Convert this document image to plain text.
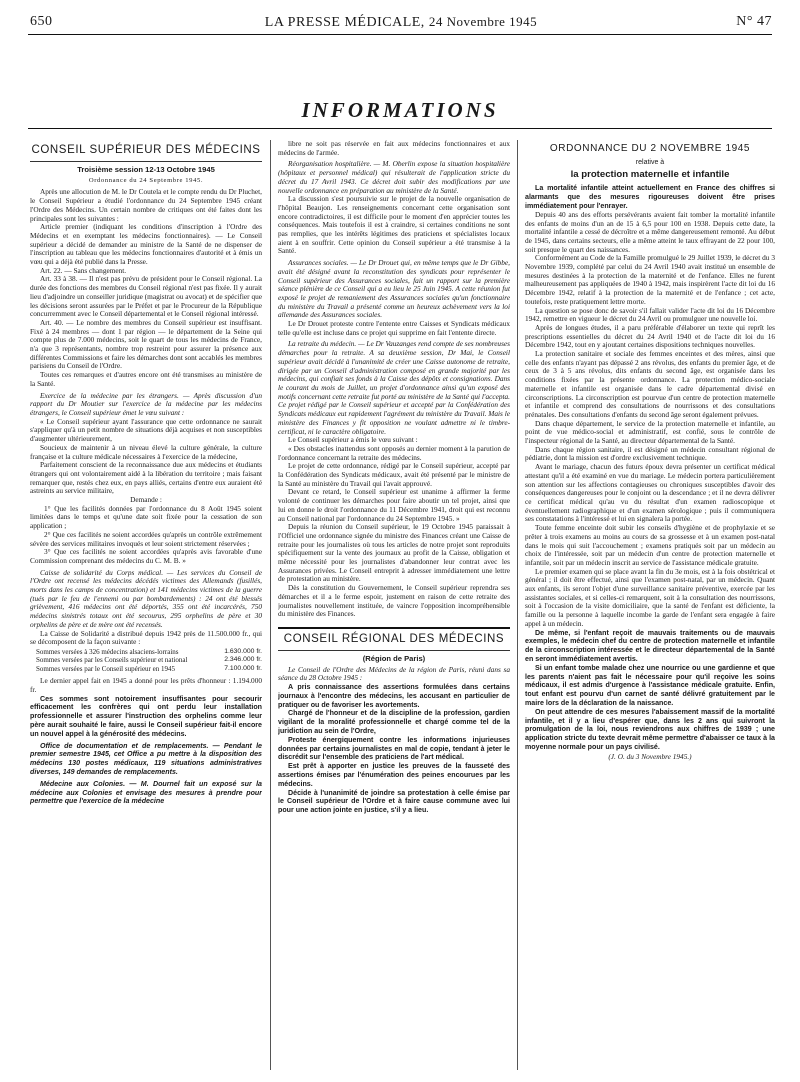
650	LA PRESSE MÉDICALE, 24 Novembre 1945	N° 47
INFORMATIONS
CONSEIL SUPÉRIEUR DES MÉDECINS

Troisième session 12-13 Octobre 1945

Ordonnance du 24 Septembre 1945.

Après une allocution de M. le Dr Coutela et le compte rendu du Dr Pluchet, le Conseil Supérieur a étudié l'ordonnance du 24 Septembre 1945 créant l'Ordre des Médecins. Un certain nombre de critiques ont été faites dont les principales sont les suivantes :

Article premier (indiquant les conditions d'inscription à l'Ordre des Médecins et en exemptant les médecins fonctionnaires). — Le Conseil supérieur a décidé de demander au ministre de la Santé de ne dispenser de l'inscription au tableau que les médecins fonctionnaires d'autorité et à émis un vœu qui a déjà été publié dans la Presse.

Art. 22. — Sans changement.

Art. 33 à 38. — Il n'est pas prévu de président pour le Conseil régional. La durée des fonctions des membres du Conseil régional n'est pas fixée. Il y aurait lieu d'adjoindre un conseiller juridique (magistrat ou avocat) et de spécifier que les décisions seront assurées par le Préfet et par le Procureur de la République concurremment avec le Conseil départemental et le Conseil régional intéressé.

Art. 40. — Le nombre des membres du Conseil supérieur est insuffisant. Fixé à 24 membres — dont 1 par région — le département de la Seine qui compte plus de 7.000 médecins, soit le quart de tous les médecins de France, n'a que 3 représentants, nombre trop restreint pour assurer la présence aux différentes Commissions et faire les démarches dont sont accablés les membres parisiens du Conseil de l'Ordre.

Toutes ces remarques et d'autres encore ont été transmises au ministère de la Santé.

Exercice de la médecine par les étrangers. — Après discussion d'un rapport du Dr Moutier sur l'exercice de la médecine par les médecins étrangers, le Conseil supérieur émet le vœu suivant :

« Le Conseil supérieur ayant l'assurance que cette ordonnance ne saurait s'appliquer qu'à un petit nombre de situations déjà acquises et non susceptibles d'augmenter ultérieurement,

Soucieux de maintenir à un niveau élevé la culture générale, la culture française et la culture médicale nécessaires à l'exercice de la médecine,

Parfaitement conscient de la reconnaissance due aux médecins et étudiants étrangers qui ont volontairement aidé à la libération du territoire ; mais faisant remarquer que, restés chez eux, en pays alliés, certains d'entre eux auraient été astreints au service militaire,

Demande :

1° Que les facilités données par l'ordonnance du 8 Août 1945 soient limitées dans le temps et qu'une date soit fixée pour la cessation de son application ;

2° Que ces facilités ne soient accordées qu'après un contrôle extrêmement sévère des services militaires invoqués et leur soient strictement réservées ;

3° Que ces facilités ne soient accordées qu'après avis favorable d'une Commission comprenant des médecins du C. M. B. »

Caisse de solidarité du Corps médical. — Les services du Conseil de l'Ordre ont recensé les médecins décédés victimes des Allemands (fusillés, morts dans les camps de concentration) et 141 médecins victimes de la guerre (tués par le feu de l'ennemi ou par bombardements) : 24 ont été blessés grièvement, 416 médecins ont été déportés, 355 ont été incarcérés, 750 médecins sinistrés totaux ont été secourus, 295 orphelins de père et 30 orphelins de père et de mère ont été recensés.

La Caisse de Solidarité a distribué depuis 1942 près de 11.500.000 fr., qui se décomposent de la façon suivante :

Sommes versées à 326 médecins alsaciens-lorrains	1.630.000 fr.
Sommes versées par les Conseils supérieur et national	2.346.000 fr.
Sommes versées par le Conseil supérieur en 1945	7.100.000 fr.

Le dernier appel fait en 1945 a donné pour les prêts d'honneur : 1.194.000 fr.

Ces sommes sont notoirement insuffisantes pour secourir efficacement les confrères qui ont perdu leur installation professionnelle et assurer l'instruction des orphelins comme leur père aurait souhaité le faire, aussi le Conseil supérieur fait-il encore un nouvel appel à la générosité des médecins.

Office de documentation et de remplacements. — Pendant le premier semestre 1945, cet Office a pu mettre à la disposition des médecins 130 postes médicaux, 119 situations administratives diverses, 149 demandes de remplacements.

Médecine aux Colonies. — M. Dournel fait un exposé sur la médecine aux Colonies et envisage des mesures à prendre pour permettre que l'exercice de la médecine

libre ne soit pas réservée en fait aux médecins fonctionnaires et aux médecins de l'armée.

Réorganisation hospitalière. — M. Oberlin expose la situation hospitalière (hôpitaux et personnel médical) qui résulterait de l'application stricte du décret du 17 Avril 1943. Ce décret doit subir des modifications par une nouvelle ordonnance en préparation au ministère de la Santé.

La discussion s'est poursuivie sur le projet de la nouvelle organisation de l'hôpital Beaujon. Les renseignements concernant cette organisation sont encore contradictoires, il est difficile pour le moment d'en apprécier toutes les conséquences. Mais toutefois il est à craindre, si certaines conditions ne sont pas remplies, que les intérêts légitimes des praticiens et spécialistes locaux aient à en souffrir. Cette opinion du Conseil supérieur a été transmise à la Santé.

Assurances sociales. — Le Dr Drouet qui, en même temps que le Dr Gibbe, avait été désigné avant la reconstitution des syndicats pour représenter le Conseil supérieur des Assurances sociales, fait un rapport sur la première séance plénière de ce Conseil qui a eu lieu le 25 Juin 1945. A cette réunion fut exposé le projet de remaniement des Assurances sociales qu'un fonctionnaire du ministère du Travail a présenté comme un heureux achèvement vers la loi allemande des Assurances sociales.

Le Dr Drouet proteste contre l'entente entre Caisses et Syndicats médicaux telle qu'elle est incluse dans ce projet qui supprime en fait l'entente directe.

La retraite du médecin. — Le Dr Vauzanges rend compte de ses nombreuses démarches pour la retraite. A sa deuxième session, Dr Mai, le Conseil supérieur avait décidé à l'unanimité de créer une Caisse autonome de retraite, dirigée par un Conseil d'administration composé en grande majorité par les médecins, qui confiait ses fonds à la Caisse des dépôts et consignations. Dans le courant du mois de Juillet, un projet d'ordonnance ainsi qu'un exposé des motifs concernant cette retraite fut porté au ministère de la Santé qui l'accepta. Ce projet rédigé par le Conseil supérieur et accepté par la Confédération des Syndicats médicaux eut rapidement l'agrément du ministère du Travail. Mais le ministère des Finances y fit opposition ne voulant admettre ni le timbre-certificat, ni le caractère obligatoire.

Le Conseil supérieur a émis le vœu suivant :

« Des obstacles inattendus sont opposés au dernier moment à la parution de l'ordonnance concernant la retraite des médecins.

Le projet de cette ordonnance, rédigé par le Conseil supérieur, accepté par la Confédération des Syndicats médicaux, avait été présenté par le ministre de la Santé au ministère du Travail qui l'avait approuvé.

Devant ce retard, le Conseil supérieur est unanime à affirmer la ferme volonté de continuer les démarches pour faire aboutir un tel projet, ainsi que lui en donne le droit l'ordonnance du 11 Décembre 1941, droit qui est reconnu au Conseil national par l'ordonnance du 24 Septembre 1945. »

Depuis la réunion du Conseil supérieur, le 19 Octobre 1945 paraissait à l'Officiel une ordonnance signée du ministre des Finances créant une Caisse de retraite pour les journalistes où tous les articles de notre projet sont reproduits spécifiquement sur la vente des journaux au profit de la Caisse, obligation et même nécessité pour les journalistes d'abandonner leur contrat avec les Assurances privées. Le Conseil entreprit à adresser immédiatement une lettre de protestation au ministère.

Dès la constitution du Gouvernement, le Conseil supérieur reprendra ses démarches et il a le ferme espoir, justement en raison de cette retraite des journalistes nouvellement instituée, de vaincre l'opposition incompréhensible du ministère des Finances.

CONSEIL RÉGIONAL DES MÉDECINS

(Région de Paris)

Le Conseil de l'Ordre des Médecins de la région de Paris, réuni dans sa séance du 28 Octobre 1945 :

A pris connaissance des assertions formulées dans certains journaux à l'encontre des médecins, les accusant en particulier de pratiquer ou de favoriser les avortements.

Chargé de l'honneur et de la discipline de la profession, gardien vigilant de la moralité professionnelle et chargé comme tel de la juridiction au sein de l'Ordre,

Proteste énergiquement contre les informations injurieuses données par certains journalistes en mal de copie, tendant à jeter le discrédit sur l'ensemble des praticiens de l'art médical.

Est prêt à apporter en justice les preuves de la fausseté des assertions émises par l'énumération des peines encourues par les médecins.

Décide à l'unanimité de joindre sa protestation à celle émise par le Conseil supérieur de l'Ordre et à faire cause commune avec lui pour une action jointe en justice, s'il y a lieu.

ORDONNANCE DU 2 NOVEMBRE 1945

relative à

la protection maternelle et infantile

La mortalité infantile atteint actuellement en France des chiffres si alarmants que des mesures rigoureuses doivent être prises immédiatement pour l'enrayer.

Depuis 40 ans des efforts persévérants avaient fait tomber la mortalité infantile des enfants de moins d'un an de 15 à 6,5 pour 100 en 1938. Depuis cette date, la mortalité infantile a cessé de décroître et a même dangereusement remonté. Au début de 1945, dans certains secteurs, elle a même atteint le taux effrayant de 22 pour 100, soit presque le quart des naissances.

Conformément au Code de la Famille promulgué le 29 Juillet 1939, le décret du 3 Novembre 1939, complété par celui du 24 Avril 1940 avait institué un ensemble de mesures destinées à la protection de la maternité et de l'enfance. Elles ne furent malheureusement pas appliquées de 1940 à 1942, mais inspirèrent l'acte dit loi du 16 Décembre 1942, relatif à la protection de la maternité et de l'enfance ; cet acte, toutefois, reste pratiquement lettre morte.

La question se pose donc de savoir s'il fallait valider l'acte dit loi du 16 Décembre 1942, remettre en vigueur le décret du 24 Avril ou promulguer une nouvelle loi.

Après de longues études, il a paru préférable d'élaborer un texte qui reprît les prescriptions essentielles du décret du 24 Avril 1940 et de l'acte dit loi du 16 Décembre 1942, tout en y ajoutant certaines dispositions techniques nouvelles.

La protection sanitaire et sociale des femmes enceintes et des mères, ainsi que celle des enfants n'ayant pas dépassé 2 ans révolus, des enfants du premier âge, et de ceux de 3 à 5 ans révolus, dits enfants du second âge, est organisée dans les conditions fixées par la présente ordonnance. La protection médico-sociale maternelle et infantile est organisée dans le cadre départemental divisé en circonscriptions. La circonscription est pourvue d'un centre de protection maternelle et infantile et comprend des consultations de nourrissons et des consultations prénatales. Des consultations d'enfants du second âge seront également prévues.

Dans chaque département, le service de la protection maternelle et infantile, au point de vue médico-social et administratif, est confié, sous le contrôle de l'inspecteur régional de la Santé, au directeur départemental de la Santé.

Dans chaque région sanitaire, il est désigné un médecin consultant régional de pédiatrie, dont la mission est d'ordre exclusivement technique.

Avant le mariage, chacun des futurs époux devra présenter un certificat médical attestant qu'il a été examiné en vue du mariage. Le médecin portera particulièrement son attention sur les affections contagieuses ou chroniques susceptibles d'avoir des conséquences dangereuses pour le conjoint ou la descendance ; et il ne devra délivrer ce certificat médical qu'au vu du résultat d'un examen radioscopique et éventuellement radiographique et d'un examen sérologique ; puis il communiquera ses constatations à l'intéressé et lui en signalera la portée.

Toute femme enceinte doit subir les conseils d'hygiène et de prophylaxie et se prêter à trois examens au moins au cours de sa grossesse et à un examen post-natal dans le mois qui suit l'accouchement ; examens pratiqués soit par un médecin au choix de l'intéressée, soit par un médecin d'un centre de protection maternelle et infantile, soit par un médecin inscrit au service de l'assistance médicale gratuite.

Le premier examen qui se place avant la fin du 3e mois, est à la fois obstétrical et général ; il doit être effectué, ainsi que l'examen post-natal, par un médecin. Quant aux enfants, ils seront l'objet d'une surveillance sanitaire préventive, exercée par les assistantes sociales, et si celles-ci remarquent, soit à la consultation des nourrissons, soit à l'occasion de la visite domiciliaire, que la santé de l'enfant est déficiente, la famille ou la personne à laquelle incombe la garde de l'enfant sera engagée à faire appel à un médecin.

De même, si l'enfant reçoit de mauvais traitements ou de mauvais exemples, le médecin chef du centre de protection maternelle et infantile de la circonscription intéressée et le directeur départemental de la Santé en seront immédiatement avertis.

Si un enfant tombe malade chez une nourrice ou une gardienne et que les parents n'aient pas fait le nécessaire pour qu'il reçoive les soins médicaux, il est admis d'urgence à l'assistance médicale gratuite. Enfin, tout enfant est pourvu d'un carnet de santé délivré gratuitement par le maire lors de la déclaration de la naissance.

On peut attendre de ces mesures l'abaissement massif de la mortalité infantile, et il y a lieu d'espérer que, dans les 2 ans qui suivront la promulgation de la loi, nous reviendrons aux chiffres de 1939 ; une application stricte du texte devrait même permettre d'abaisser ce taux à la moyenne normale pour un pays civilisé.

(J. O. du 3 Novembre 1945.)
